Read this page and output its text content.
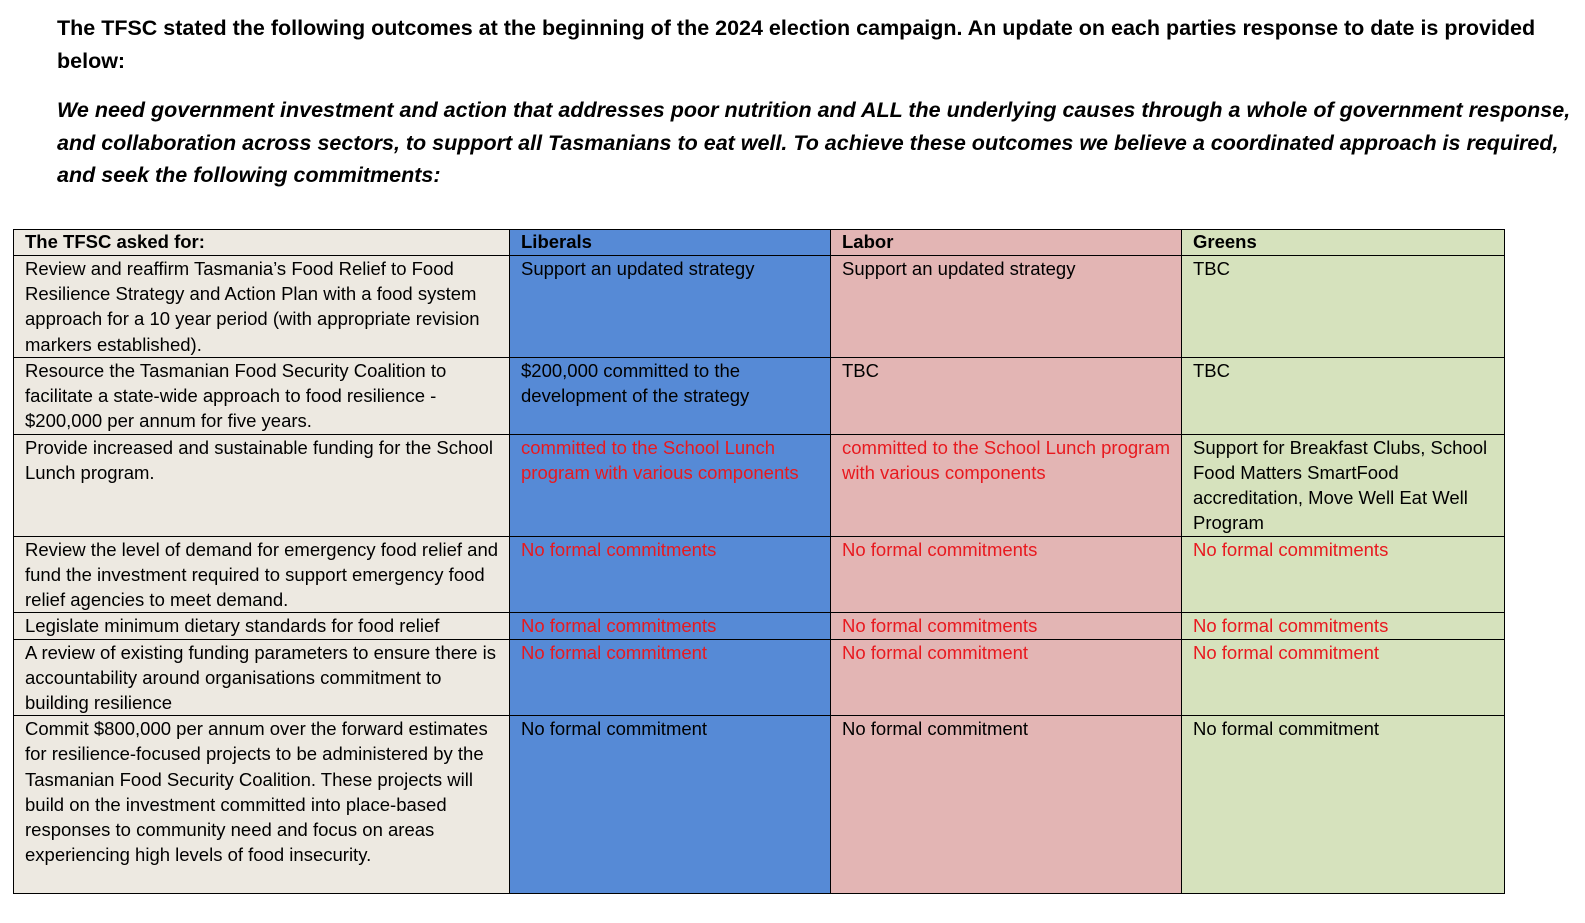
The TFSC stated the following outcomes at the beginning of the 2024 election campaign. An update on each parties response to date is provided below:

We need government investment and action that addresses poor nutrition and ALL the underlying causes through a whole of government response, and collaboration across sectors, to support all Tasmanians to eat well. To achieve these outcomes we believe a coordinated approach is required, and seek the following commitments:

The TFSC asked for:	Liberals	Labor	Greens
Review and reaffirm Tasmania’s Food Relief to Food Resilience Strategy and Action Plan with a food system approach for a 10 year period (with appropriate revision markers established).	Support an updated strategy	Support an updated strategy	TBC
Resource the Tasmanian Food Security Coalition to facilitate a state-wide approach to food resilience - $200,000 per annum for five years.	$200,000 committed to the development of the strategy	TBC	TBC
Provide increased and sustainable funding for the School Lunch program.	committed to the School Lunch program with various components	committed to the School Lunch program with various components	Support for Breakfast Clubs, School Food Matters SmartFood accreditation, Move Well Eat Well Program
Review the level of demand for emergency food relief and fund the investment required to support emergency food relief agencies to meet demand.	No formal commitments	No formal commitments	No formal commitments
Legislate minimum dietary standards for food relief	No formal commitments	No formal commitments	No formal commitments
A review of existing funding parameters to ensure there is accountability around organisations commitment to building resilience	No formal commitment	No formal commitment	No formal commitment
Commit $800,000 per annum over the forward estimates for resilience-focused projects to be administered by the Tasmanian Food Security Coalition. These projects will build on the investment committed into place-based responses to community need and focus on areas experiencing high levels of food insecurity.	No formal commitment	No formal commitment	No formal commitment
